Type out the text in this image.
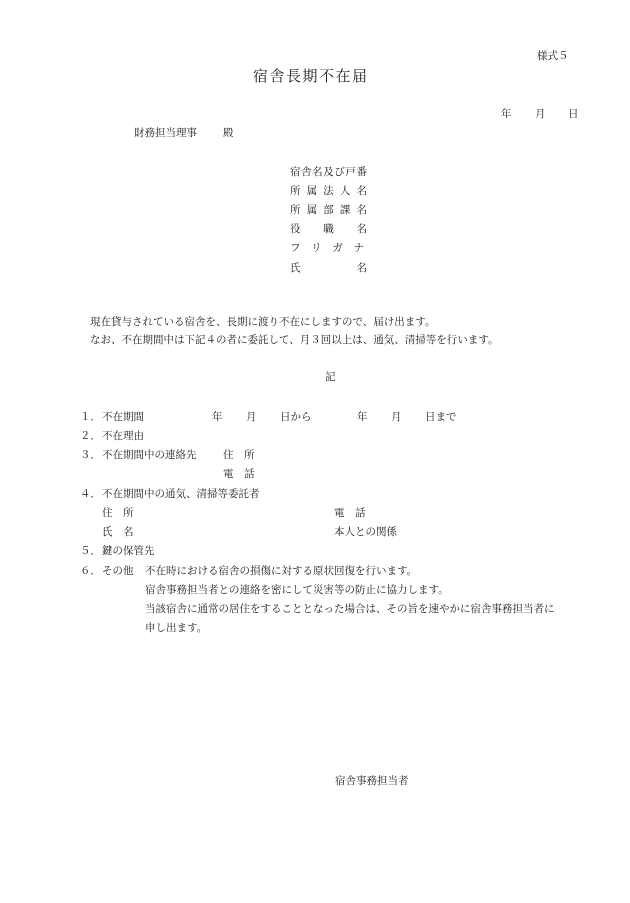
様式５
宿舎長期不在届
年 月 日
財務担当理事 殿
宿 舎 名 及 び 戸 番
所 属 法 人 名
所 属 部 課 名
役 職 名
フ リ ガ ナ
氏	名
現在貸与されている宿舎を、長期に渡り不在にしますので、届け出ます。
なお、不在期間中は下記４の者に委託して、月３回以上は、通気、清掃等を行います。
記
１．不在期間	年 月 日から	年 月 日まで
２．不在理由
３．不在期間中の連絡先	住　所
電　話
４．不在期間中の通気、清掃等委託者
住　所	電　話
氏　名	本人との関係
５．鍵の保管先
６．その他 不在時における宿舎の損傷に対する原状回復を行います。
宿舎事務担当者との連絡を密にして災害等の防止に協力します。
当該宿舎に通常の居住をすることとなった場合は、その旨を速やかに宿舎事務担当者に
申し出ます。
宿舎事務担当者
